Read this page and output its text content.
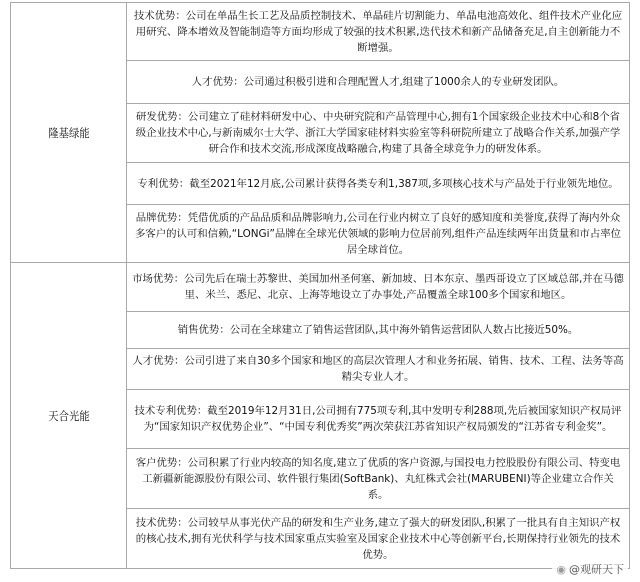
隆基绿能	技术优势：公司在单晶生长工艺及品质控制技术、单晶硅片切割能力、单晶电池高效化、组件技术产业化应用研究、降本增效及智能制造等方面均形成了较强的技术积累,迭代技术和新产品储备充足,自主创新能力不断增强。

	人才优势：公司通过积极引进和合理配置人才,组建了1000余人的专业研发团队。

	研发优势：公司建立了硅材料研发中心、中央研究院和产品管理中心,拥有1个国家级企业技术中心和8个省级企业技术中心,与新南威尔士大学、浙江大学国家硅材料实验室等科研院所建立了战略合作关系,加强产学研合作和技术交流,形成深度战略融合,构建了具备全球竞争力的研发体系。

	专利优势：截至2021年12月底,公司累计获得各类专利1,387项,多项核心技术与产品处于行业领先地位。

	品牌优势：凭借优质的产品品质和品牌影响力,公司在行业内树立了良好的感知度和美誉度,获得了海内外众多客户的认可和信赖,“LONGi”品牌在全球光伏领域的影响力位居前列,组件产品连续两年出货量和市占率位居全球首位。

天合光能	市场优势：公司先后在瑞士苏黎世、美国加州圣何塞、新加坡、日本东京、墨西哥设立了区域总部,并在马德里、米兰、悉尼、北京、上海等地设立了办事处,产品覆盖全球100多个国家和地区。

	销售优势：公司在全球建立了销售运营团队,其中海外销售运营团队人数占比接近50%。

	人才优势：公司引进了来自30多个国家和地区的高层次管理人才和业务拓展、销售、技术、工程、法务等高精尖专业人才。

	技术专利优势：截至2019年12月31日,公司拥有775项专利,其中发明专利288项,先后被国家知识产权局评为“国家知识产权优势企业”、“中国专利优秀奖”两次荣获江苏省知识产权局颁发的“江苏省专利金奖”。

	客户优势：公司积累了行业内较高的知名度,建立了优质的客户资源,与国投电力控股股份有限公司、特变电工新疆新能源股份有限公司、软件银行集团(SoftBank)、丸紅株式会社(MARUBENI)等企业建立合作关系。

	技术优势：公司较早从事光伏产品的研发和生产业务,建立了强大的研发团队,积累了一批具有自主知识产权的核心技术,拥有光伏科学与技术国家重点实验室及国家企业技术中心等创新平台,长期保持行业领先的技术优势。
◉ @观研天下
